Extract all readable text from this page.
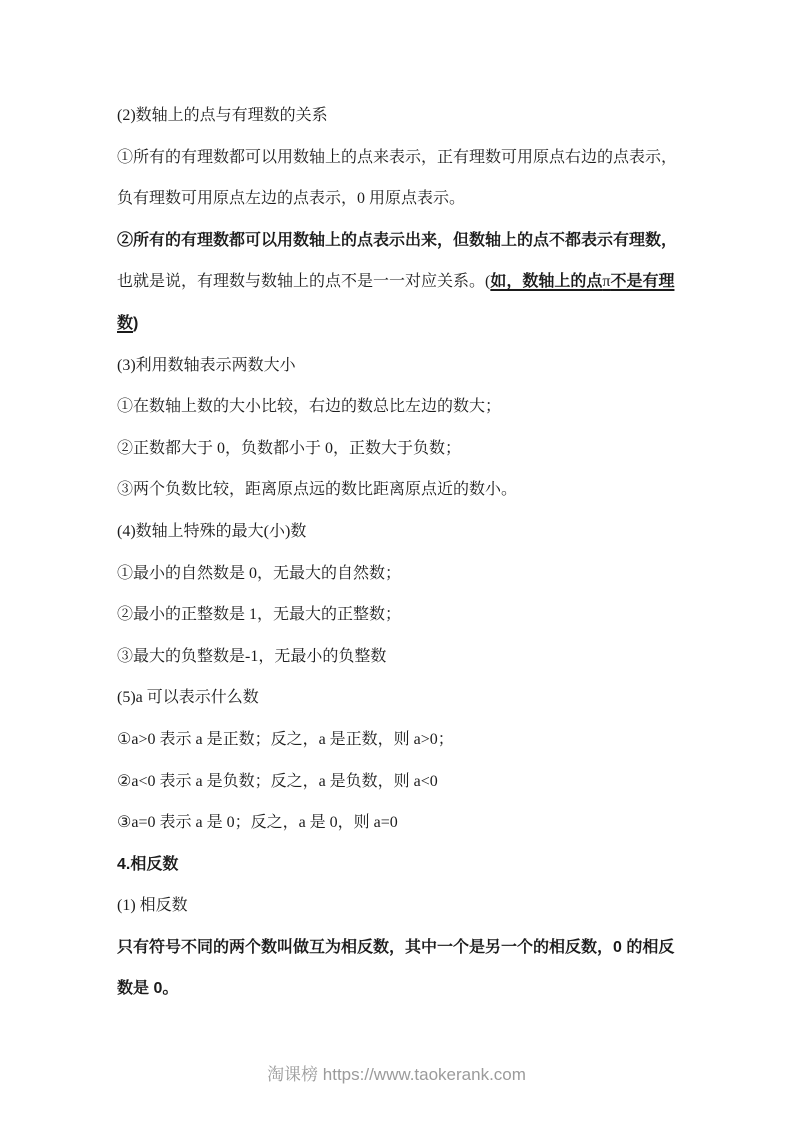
(2)数轴上的点与有理数的关系
①所有的有理数都可以用数轴上的点来表示，正有理数可用原点右边的点表示，
负有理数可用原点左边的点表示，0 用原点表示。
②所有的有理数都可以用数轴上的点表示出来，但数轴上的点不都表示有理数，
也就是说，有理数与数轴上的点不是一一对应关系。(如，数轴上的点π不是有理
数)
(3)利用数轴表示两数大小
①在数轴上数的大小比较，右边的数总比左边的数大；
②正数都大于 0，负数都小于 0，正数大于负数；
③两个负数比较，距离原点远的数比距离原点近的数小。
(4)数轴上特殊的最大(小)数
①最小的自然数是 0，无最大的自然数；
②最小的正整数是 1，无最大的正整数；
③最大的负整数是-1，无最小的负整数
(5)a 可以表示什么数
①a>0 表示 a 是正数；反之，a 是正数，则 a>0；
②a<0 表示 a 是负数；反之，a 是负数，则 a<0
③a=0 表示 a 是 0；反之，a 是 0，则 a=0
4.相反数
(1) 相反数
只有符号不同的两个数叫做互为相反数，其中一个是另一个的相反数，0 的相反
数是 0。
淘课榜 https://www.taokerank.com
